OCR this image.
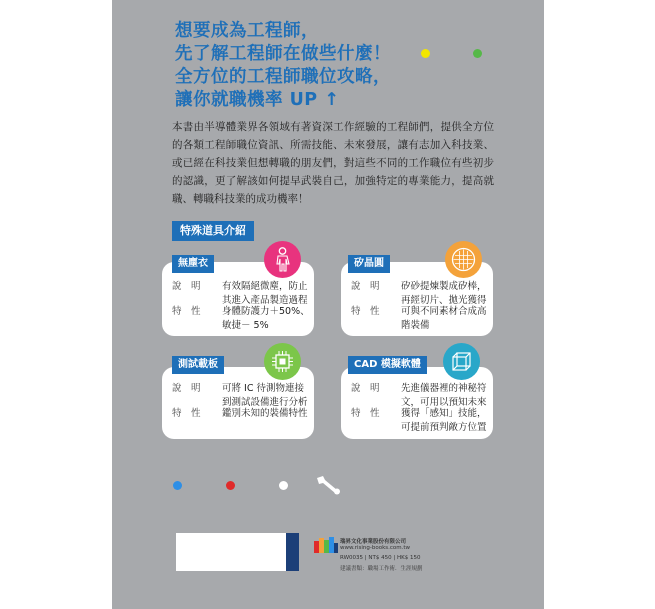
想要成為工程師，
先了解工程師在做些什麼！
全方位的工程師職位攻略，
讓你就職機率 UP ↑

本書由半導體業界各領域有著資深工作經驗的工程師們，提供全方位的各類工程師職位資訊、所需技能、未來發展，讓有志加入科技業、或已經在科技業但想轉職的朋友們，對這些不同的工作職位有些初步的認識，更了解該如何提早武裝自己，加強特定的專業能力，提高就職、轉職科技業的成功機率！

特殊道具介紹
無塵衣
說　明	有效隔絕微塵，防止
其進入產品製造過程
特　性	身體防護力＋50%、
敏捷－ 5%
矽晶圓
說　明	矽砂提煉製成矽棒，
再經切片、拋光獲得
特　性	可與不同素材合成高
階裝備
測試載板
說　明	可將 IC 待測物連接
到測試設備進行分析
特　性	鑑別未知的裝備特性
CAD 模擬軟體
說　明	先進儀器裡的神秘符
文，可用以預知未來
特　性	獲得「感知」技能，
可提前預判敵方位置
瑞昇文化事業股份有限公司
www.rising-books.com.tw
RW0035 | NT$ 450 | HK$ 150
建議書類：職場工作術．生涯規劃
